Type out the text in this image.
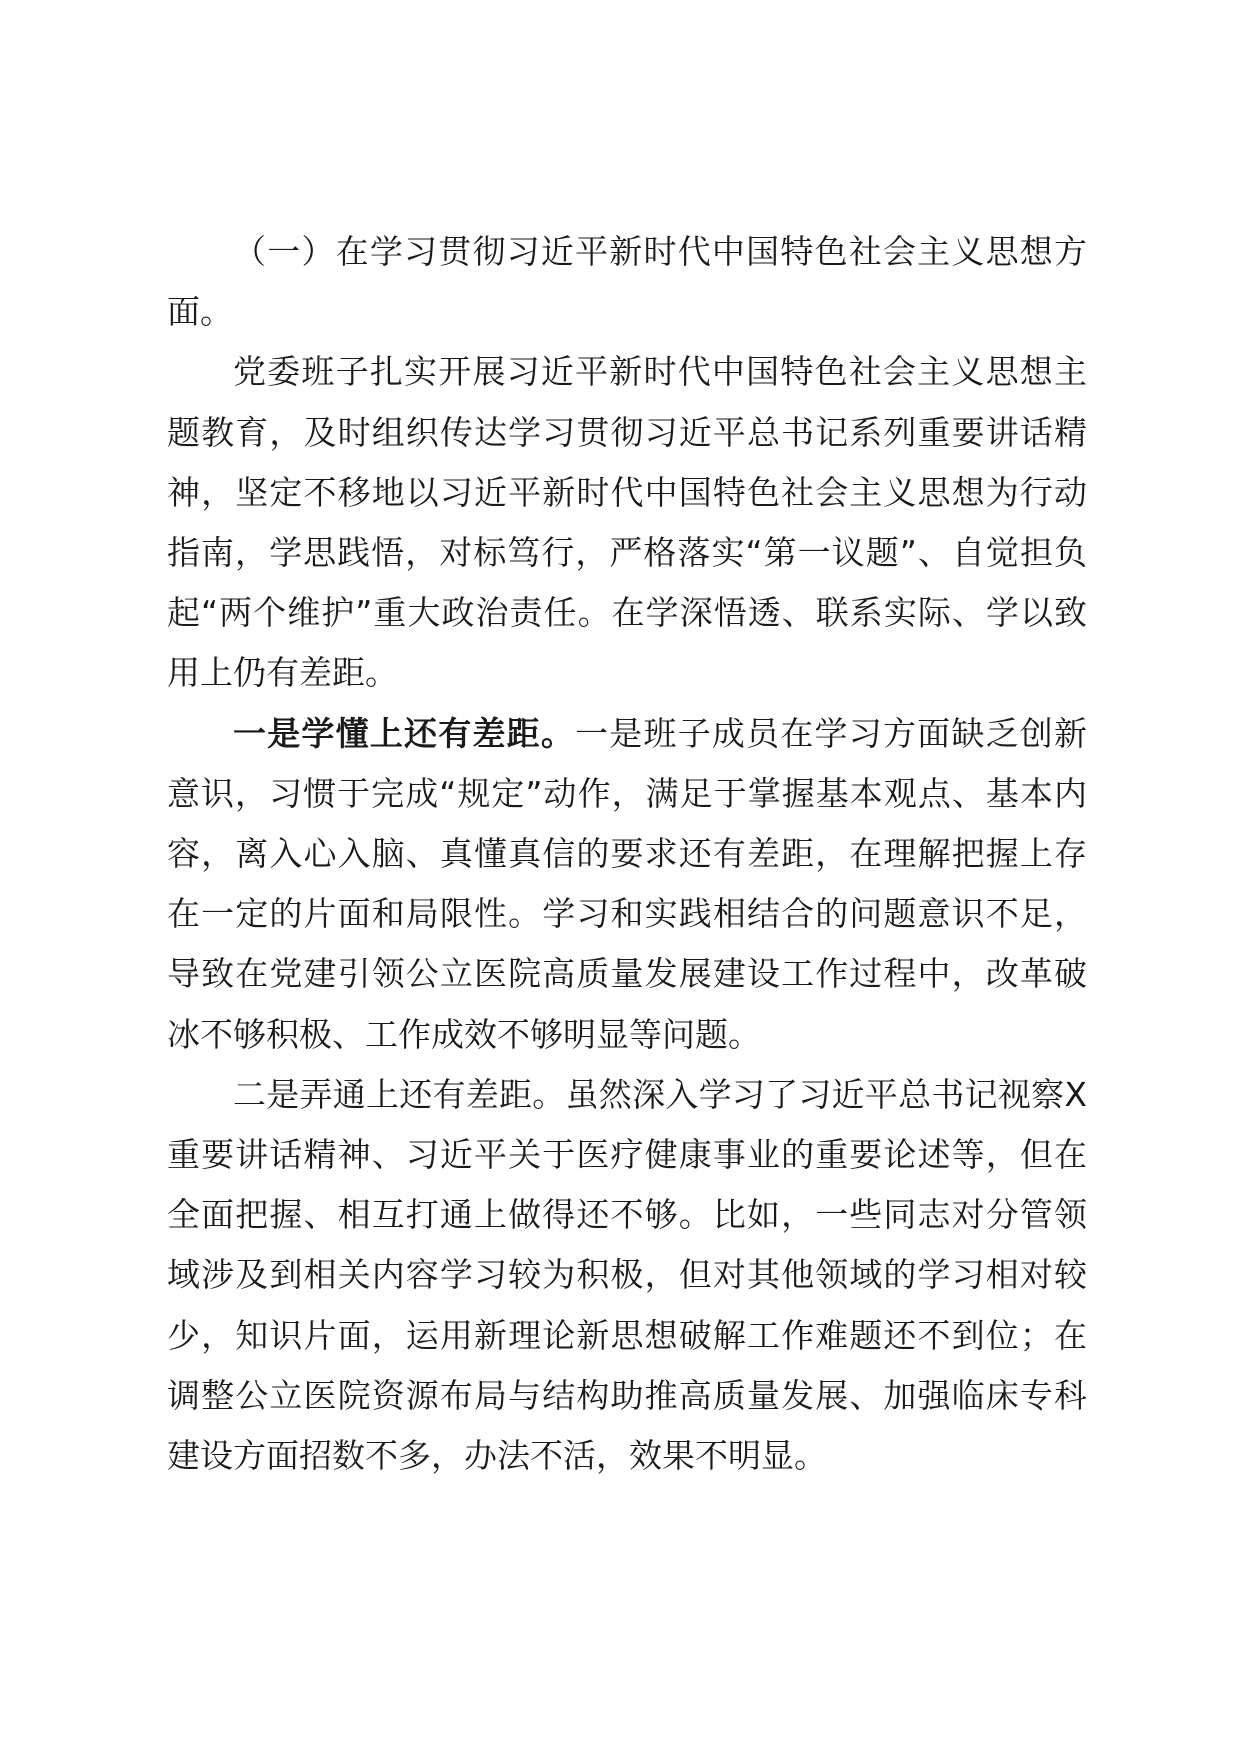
（一）在学习贯彻习近平新时代中国特色社会主义思想方面。

党委班子扎实开展习近平新时代中国特色社会主义思想主题教育，及时组织传达学习贯彻习近平总书记系列重要讲话精神，坚定不移地以习近平新时代中国特色社会主义思想为行动指南，学思践悟，对标笃行，严格落实“第一议题”、自觉担负起“两个维护”重大政治责任。在学深悟透、联系实际、学以致用上仍有差距。

一是学懂上还有差距。一是班子成员在学习方面缺乏创新意识，习惯于完成“规定”动作，满足于掌握基本观点、基本内容，离入心入脑、真懂真信的要求还有差距，在理解把握上存在一定的片面和局限性。学习和实践相结合的问题意识不足，导致在党建引领公立医院高质量发展建设工作过程中，改革破冰不够积极、工作成效不够明显等问题。

二是弄通上还有差距。虽然深入学习了习近平总书记视察X重要讲话精神、习近平关于医疗健康事业的重要论述等，但在全面把握、相互打通上做得还不够。比如，一些同志对分管领域涉及到相关内容学习较为积极，但对其他领域的学习相对较少，知识片面，运用新理论新思想破解工作难题还不到位；在调整公立医院资源布局与结构助推高质量发展、加强临床专科建设方面招数不多，办法不活，效果不明显。
